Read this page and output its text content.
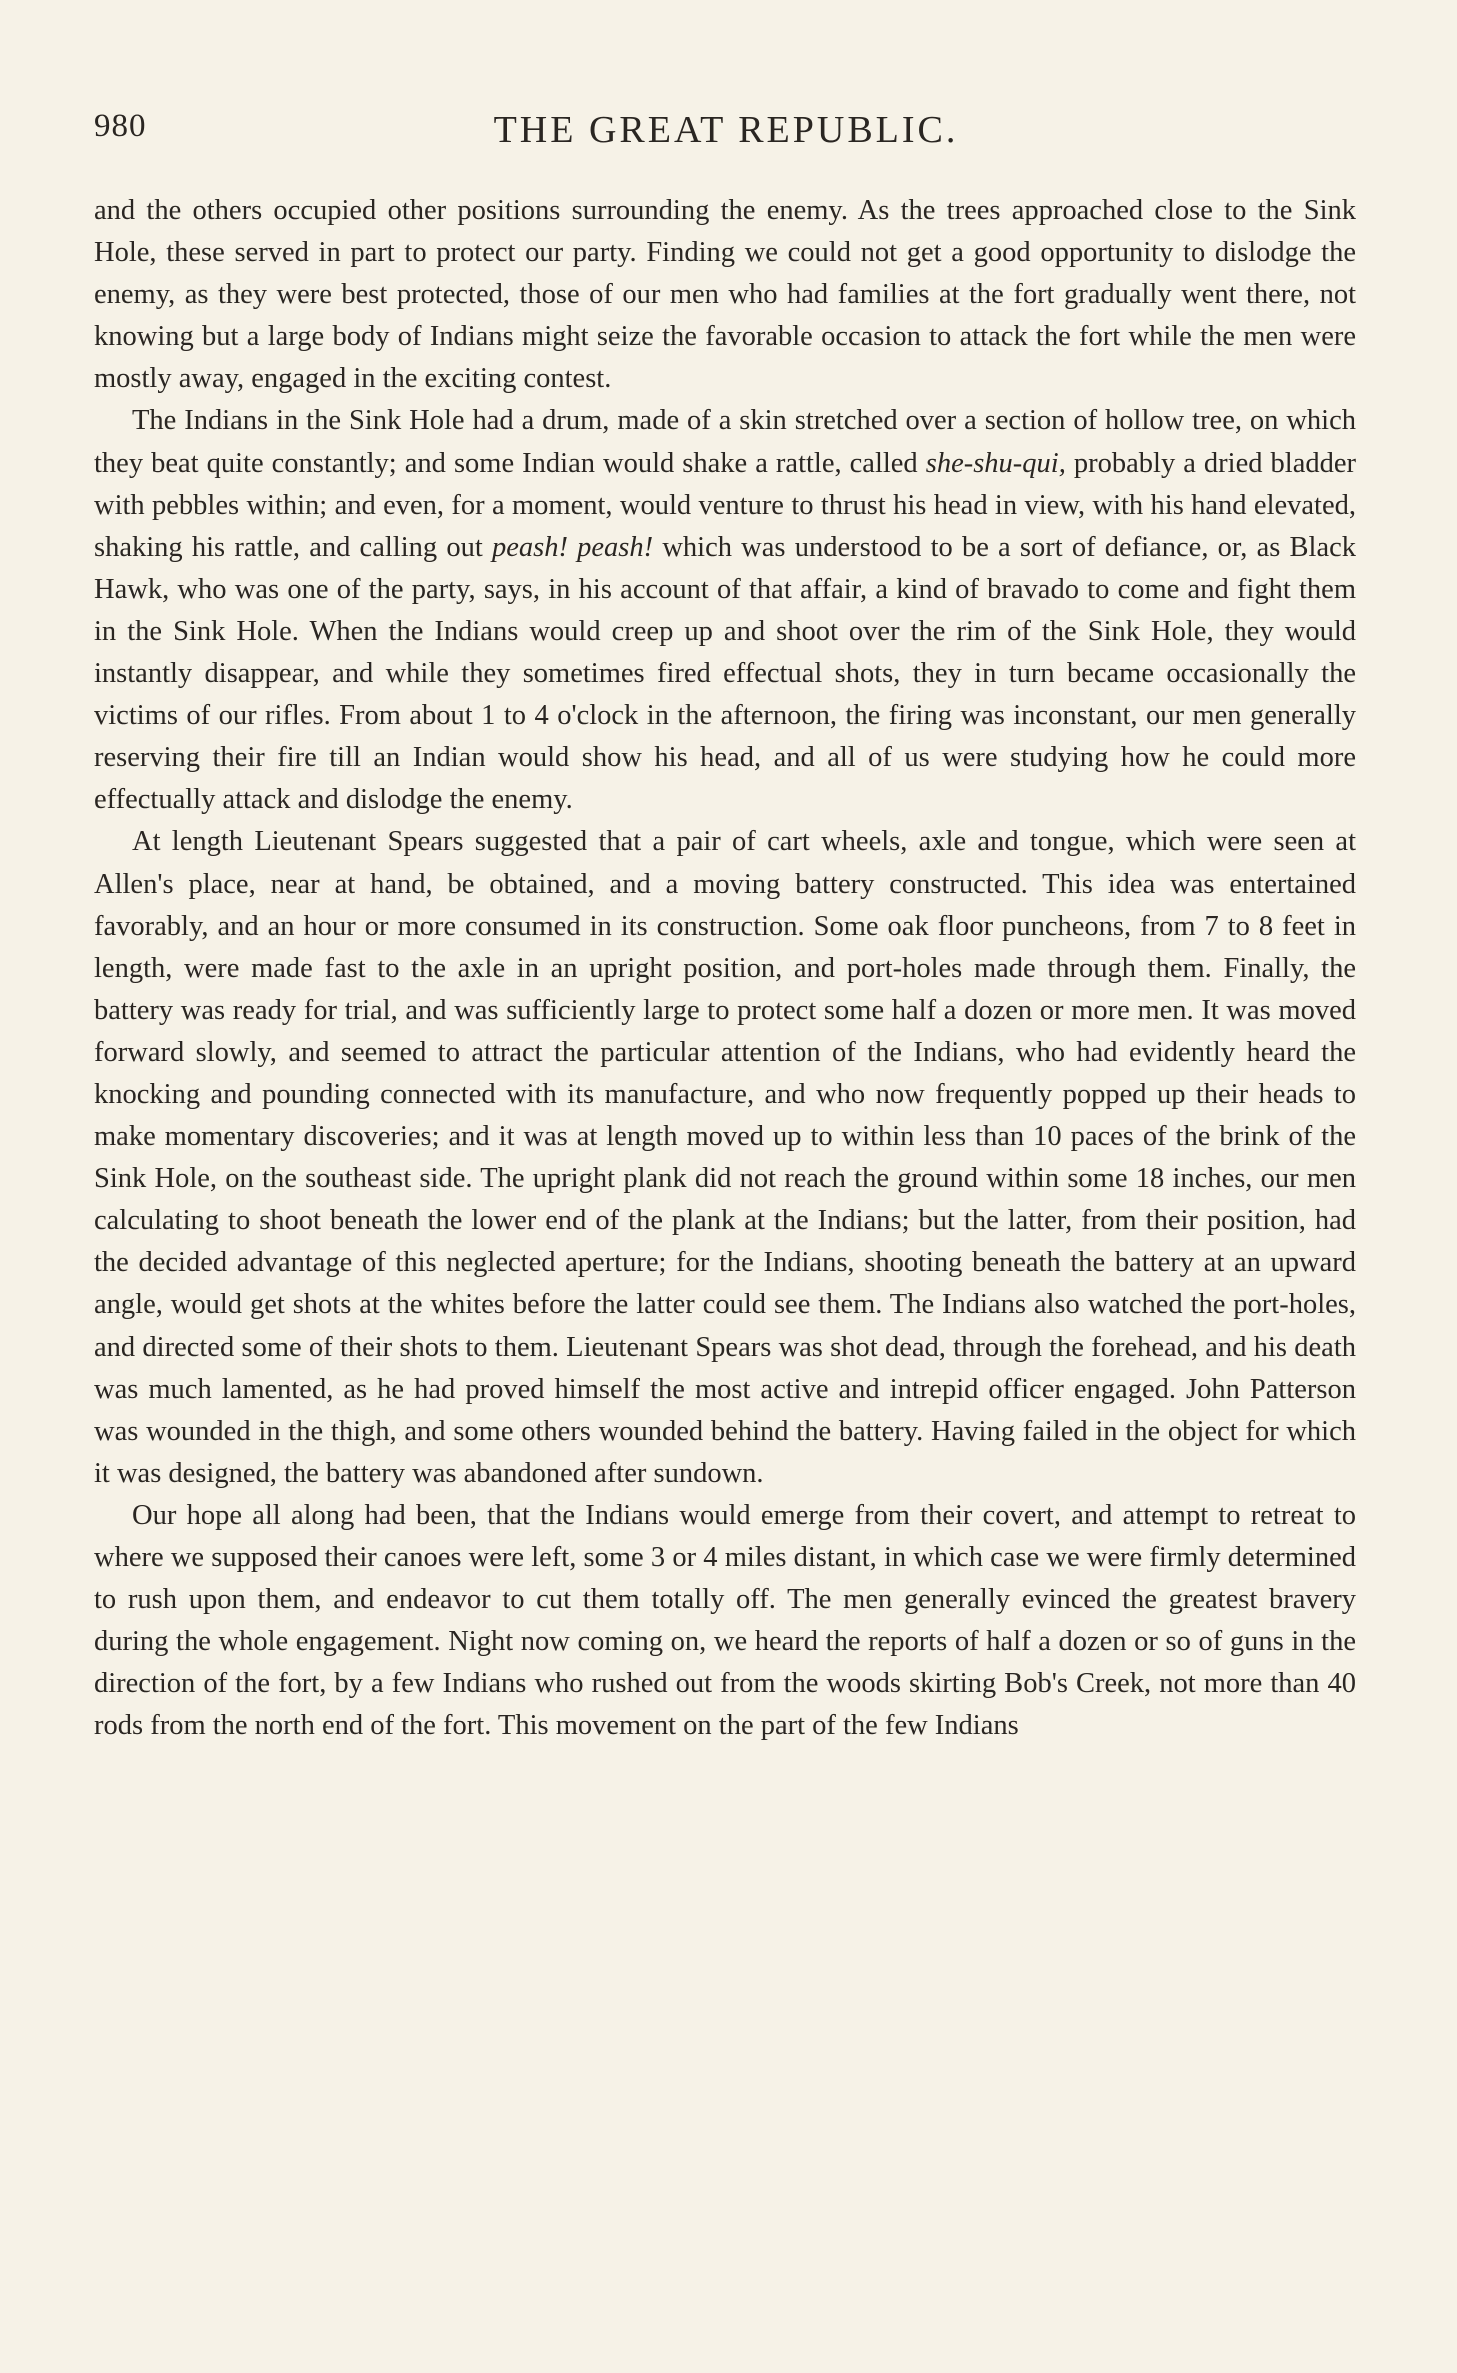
980	THE GREAT REPUBLIC.

and the others occupied other positions surrounding the enemy. As the trees approached close to the Sink Hole, these served in part to protect our party. Finding we could not get a good opportunity to dislodge the enemy, as they were best protected, those of our men who had families at the fort gradually went there, not knowing but a large body of Indians might seize the favorable occasion to attack the fort while the men were mostly away, engaged in the exciting contest.

The Indians in the Sink Hole had a drum, made of a skin stretched over a section of hollow tree, on which they beat quite constantly; and some Indian would shake a rattle, called she-shu-qui, probably a dried bladder with pebbles within; and even, for a moment, would venture to thrust his head in view, with his hand elevated, shaking his rattle, and calling out peash! peash! which was understood to be a sort of defiance, or, as Black Hawk, who was one of the party, says, in his account of that affair, a kind of bravado to come and fight them in the Sink Hole. When the Indians would creep up and shoot over the rim of the Sink Hole, they would instantly disappear, and while they sometimes fired effectual shots, they in turn became occasionally the victims of our rifles. From about 1 to 4 o'clock in the afternoon, the firing was inconstant, our men generally reserving their fire till an Indian would show his head, and all of us were studying how he could more effectually attack and dislodge the enemy.

At length Lieutenant Spears suggested that a pair of cart wheels, axle and tongue, which were seen at Allen's place, near at hand, be obtained, and a moving battery constructed. This idea was entertained favorably, and an hour or more consumed in its construction. Some oak floor puncheons, from 7 to 8 feet in length, were made fast to the axle in an upright position, and port-holes made through them. Finally, the battery was ready for trial, and was sufficiently large to protect some half a dozen or more men. It was moved forward slowly, and seemed to attract the particular attention of the Indians, who had evidently heard the knocking and pounding connected with its manufacture, and who now frequently popped up their heads to make momentary discoveries; and it was at length moved up to within less than 10 paces of the brink of the Sink Hole, on the southeast side. The upright plank did not reach the ground within some 18 inches, our men calculating to shoot beneath the lower end of the plank at the Indians; but the latter, from their position, had the decided advantage of this neglected aperture; for the Indians, shooting beneath the battery at an upward angle, would get shots at the whites before the latter could see them. The Indians also watched the port-holes, and directed some of their shots to them. Lieutenant Spears was shot dead, through the forehead, and his death was much lamented, as he had proved himself the most active and intrepid officer engaged. John Patterson was wounded in the thigh, and some others wounded behind the battery. Having failed in the object for which it was designed, the battery was abandoned after sundown.

Our hope all along had been, that the Indians would emerge from their covert, and attempt to retreat to where we supposed their canoes were left, some 3 or 4 miles distant, in which case we were firmly determined to rush upon them, and endeavor to cut them totally off. The men generally evinced the greatest bravery during the whole engagement. Night now coming on, we heard the reports of half a dozen or so of guns in the direction of the fort, by a few Indians who rushed out from the woods skirting Bob's Creek, not more than 40 rods from the north end of the fort. This movement on the part of the few Indians
